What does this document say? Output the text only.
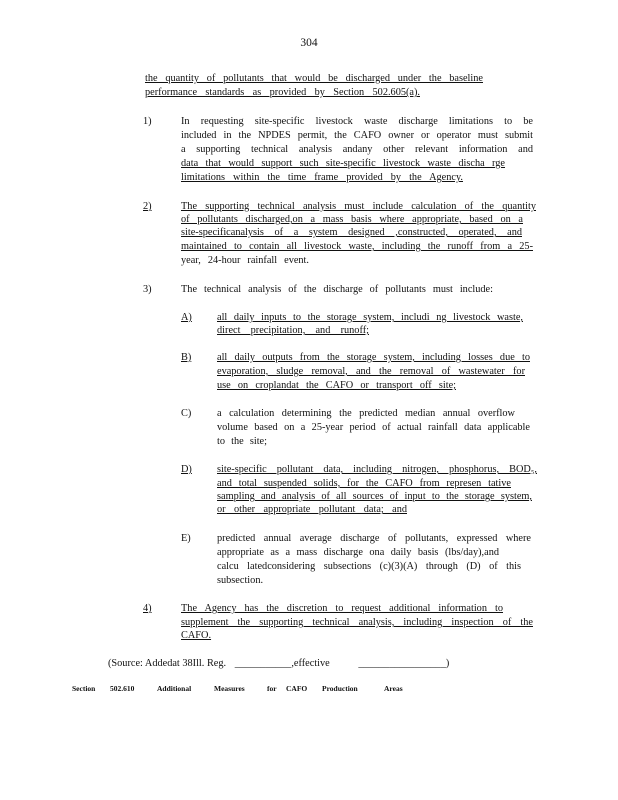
304
the quantity of pollutants that would be discharged under the baseline
performance standards as provided by Section 502.605(a).
1)	In requesting site-specific livestock waste discharge limitations to be
included in the NPDES permit, the CAFO owner or operator must submit
a supporting technical analysis andany other relevant information and
data that would support such site-specific livestock waste discha rge
limitations within the time frame provided by the Agency.
2)	The supporting technical analysis must include calculation of the quantity
of pollutants discharged,on a mass basis where appropriate, based on a
site-specificanalysis of a system designed ,constructed, operated, and
maintained to contain all livestock waste, including the runoff from a 25-
year, 24-hour rainfall event.
3)	The technical analysis of the discharge of pollutants must include:
A) all daily inputs to the storage system, includi ng livestock waste,
direct precipitation, and runoff;
B) all daily outputs from the storage system, including losses due to
evaporation, sludge removal, and the removal of wastewater for
use on croplandat the CAFO or transport off site;
C) a calculation determining the predicted median annual overflow
volume based on a 25-year period of actual rainfall data applicable
to the site;
D) site-specific pollutant data, including nitrogen, phosphorus, BOD₅,
and total suspended solids, for the CAFO from represen tative
sampling and analysis of all sources of input to the storage system,
or other appropriate pollutant data; and
E)	predicted annual average discharge of pollutants, expressed where
appropriate as a mass discharge ona daily basis (lbs/day),and
calcu latedconsidering subsections (c)(3)(A) through (D) of this
subsection.
4)	The Agency has the discretion to request additional information to
supplement the supporting technical analysis, including inspection of the
CAFO.
(Source: Addedat 38Ill. Reg. ___________,effective	_________________)
Section 502.610	Additional	Measures	for CAFO Production	Areas
